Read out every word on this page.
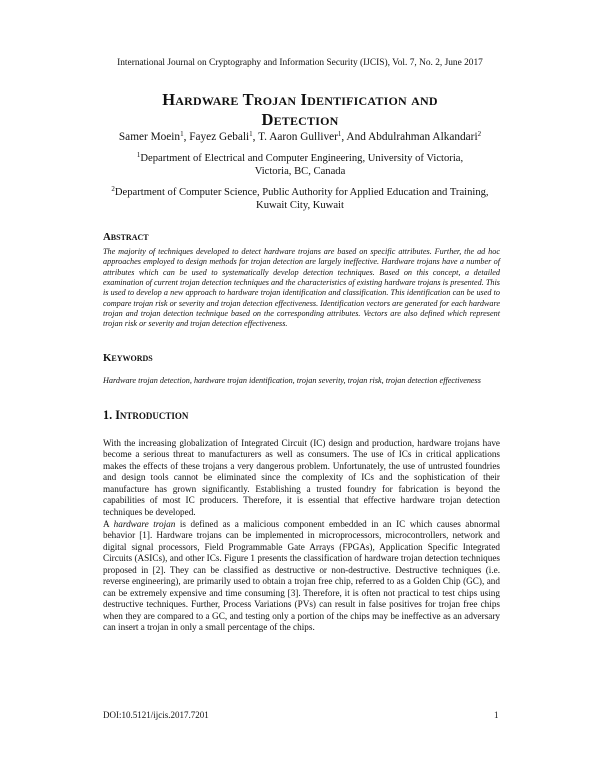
International Journal on Cryptography and Information Security (IJCIS), Vol. 7, No. 2, June 2017
Hardware Trojan Identification and
Detection
Samer Moein$^1$, Fayez Gebali$^1$, T. Aaron Gulliver$^1$, And Abdulrahman Alkandari$^2$
$^1$Department of Electrical and Computer Engineering, University of Victoria,
Victoria, BC, Canada
$^2$Department of Computer Science, Public Authority for Applied Education and Training,
Kuwait City, Kuwait
Abstract
The majority of techniques developed to detect hardware trojans are based on specific attributes. Further, the ad hoc approaches employed to design methods for trojan detection are largely ineffective. Hardware trojans have a number of attributes which can be used to systematically develop detection techniques. Based on this concept, a detailed examination of current trojan detection techniques and the characteristics of existing hardware trojans is presented. This is used to develop a new approach to hardware trojan identification and classification. This identification can be used to compare trojan risk or severity and trojan detection effectiveness. Identification vectors are generated for each hardware trojan and trojan detection technique based on the corresponding attributes. Vectors are also defined which represent trojan risk or severity and trojan detection effectiveness.
Keywords
Hardware trojan detection, hardware trojan identification, trojan severity, trojan risk, trojan detection effectiveness
1. Introduction
With the increasing globalization of Integrated Circuit (IC) design and production, hardware trojans have become a serious threat to manufacturers as well as consumers. The use of ICs in critical applications makes the effects of these trojans a very dangerous problem. Unfortunately, the use of untrusted foundries and design tools cannot be eliminated since the complexity of ICs and the sophistication of their manufacture has grown significantly. Establishing a trusted foundry for fabrication is beyond the capabilities of most IC producers. Therefore, it is essential that effective hardware trojan detection techniques be developed.
A hardware trojan is defined as a malicious component embedded in an IC which causes abnormal behavior [1]. Hardware trojans can be implemented in microprocessors, microcontrollers, network and digital signal processors, Field Programmable Gate Arrays (FPGAs), Application Specific Integrated Circuits (ASICs), and other ICs. Figure 1 presents the classification of hardware trojan detection techniques proposed in [2]. They can be classified as destructive or non-destructive. Destructive techniques (i.e. reverse engineering), are primarily used to obtain a trojan free chip, referred to as a Golden Chip (GC), and can be extremely expensive and time consuming [3]. Therefore, it is often not practical to test chips using destructive techniques. Further, Process Variations (PVs) can result in false positives for trojan free chips when they are compared to a GC, and testing only a portion of the chips may be ineffective as an adversary can insert a trojan in only a small percentage of the chips.
DOI:10.5121/ijcis.2017.7201	1
